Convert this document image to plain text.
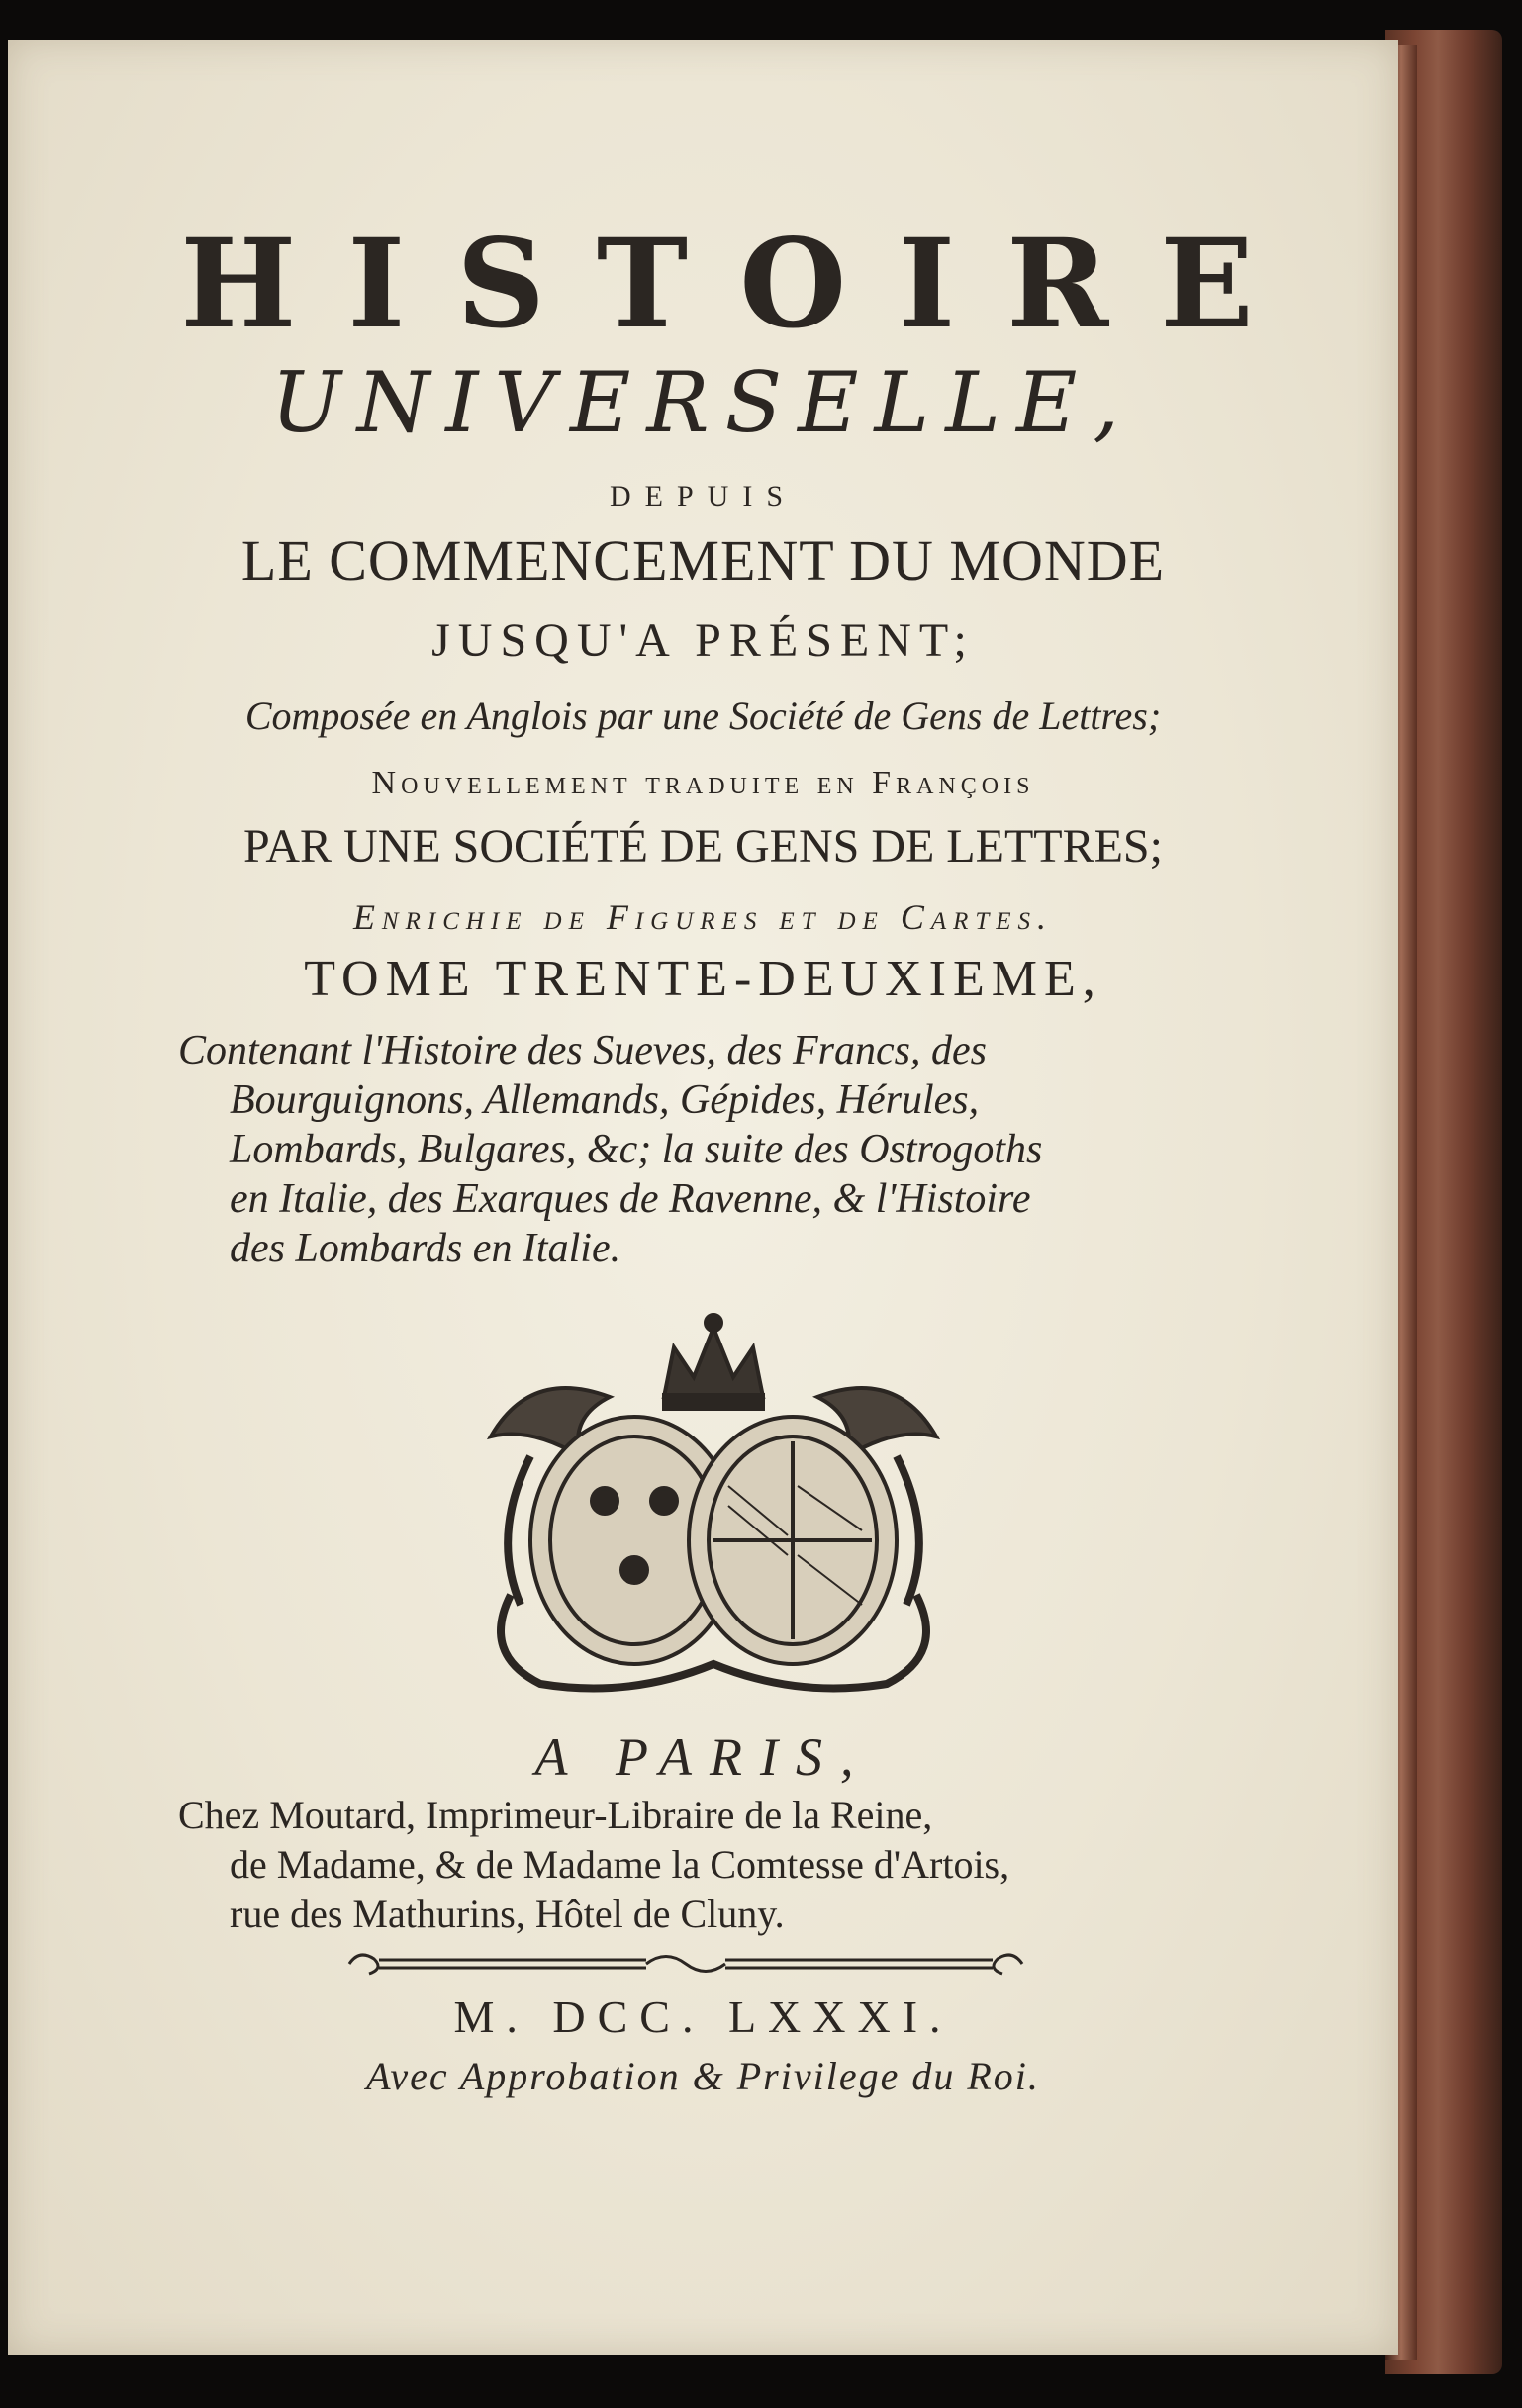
HISTOIRE
UNIVERSELLE,
DEPUIS
LE COMMENCEMENT DU MONDE
JUSQU'A PRÉSENT;
Composée en Anglois par une Société de Gens de Lettres;
Nouvellement traduite en François
PAR UNE SOCIÉTÉ DE GENS DE LETTRES;
Enrichie de Figures et de Cartes.
TOME TRENTE-DEUXIEME,
Contenant l'Histoire des Sueves, des Francs, des
Bourguignons, Allemands, Gépides, Hérules,
Lombards, Bulgares, &c; la suite des Ostrogoths
en Italie, des Exarques de Ravenne, & l'Histoire
des Lombards en Italie.
A PARIS,
Chez Moutard, Imprimeur-Libraire de la Reine,
de Madame, & de Madame la Comtesse d'Artois,
rue des Mathurins, Hôtel de Cluny.
M. DCC. LXXXI.
Avec Approbation & Privilege du Roi.
